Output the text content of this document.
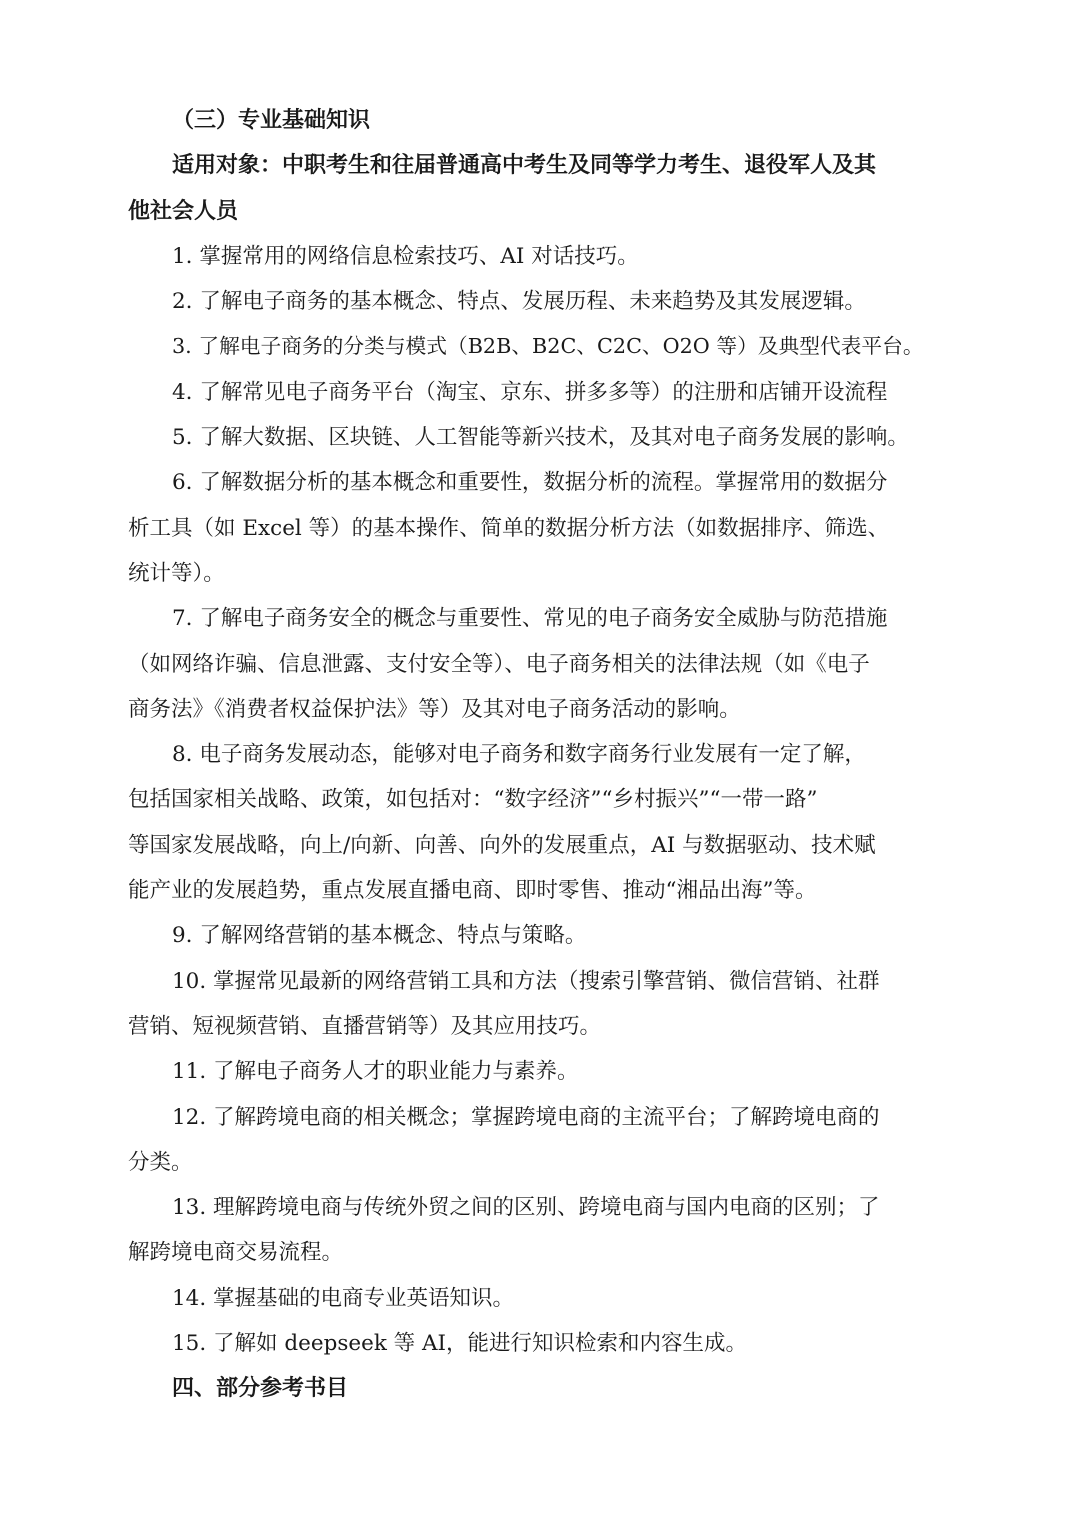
（三）专业基础知识

适用对象：中职考生和往届普通高中考生及同等学力考生、退役军人及其

他社会人员

1. 掌握常用的网络信息检索技巧、AI 对话技巧。

2. 了解电子商务的基本概念、特点、发展历程、未来趋势及其发展逻辑。

3. 了解电子商务的分类与模式（B2B、B2C、C2C、O2O 等）及典型代表平台。

4. 了解常见电子商务平台（淘宝、京东、拼多多等）的注册和店铺开设流程

5. 了解大数据、区块链、人工智能等新兴技术，及其对电子商务发展的影响。

6. 了解数据分析的基本概念和重要性，数据分析的流程。掌握常用的数据分

析工具（如 Excel 等）的基本操作、简单的数据分析方法（如数据排序、筛选、

统计等）。

7. 了解电子商务安全的概念与重要性、常见的电子商务安全威胁与防范措施

（如网络诈骗、信息泄露、支付安全等）、电子商务相关的法律法规（如《电子

商务法》《消费者权益保护法》等）及其对电子商务活动的影响。

8. 电子商务发展动态，能够对电子商务和数字商务行业发展有一定了解，

包括国家相关战略、政策，如包括对：“数字经济”“乡村振兴”“一带一路”

等国家发展战略，向上/向新、向善、向外的发展重点，AI 与数据驱动、技术赋

能产业的发展趋势，重点发展直播电商、即时零售、推动“湘品出海”等。

9. 了解网络营销的基本概念、特点与策略。

10. 掌握常见最新的网络营销工具和方法（搜索引擎营销、微信营销、社群

营销、短视频营销、直播营销等）及其应用技巧。

11. 了解电子商务人才的职业能力与素养。

12. 了解跨境电商的相关概念；掌握跨境电商的主流平台；了解跨境电商的

分类。

13. 理解跨境电商与传统外贸之间的区别、跨境电商与国内电商的区别；了

解跨境电商交易流程。

14. 掌握基础的电商专业英语知识。

15. 了解如 deepseek 等 AI，能进行知识检索和内容生成。

四、部分参考书目
